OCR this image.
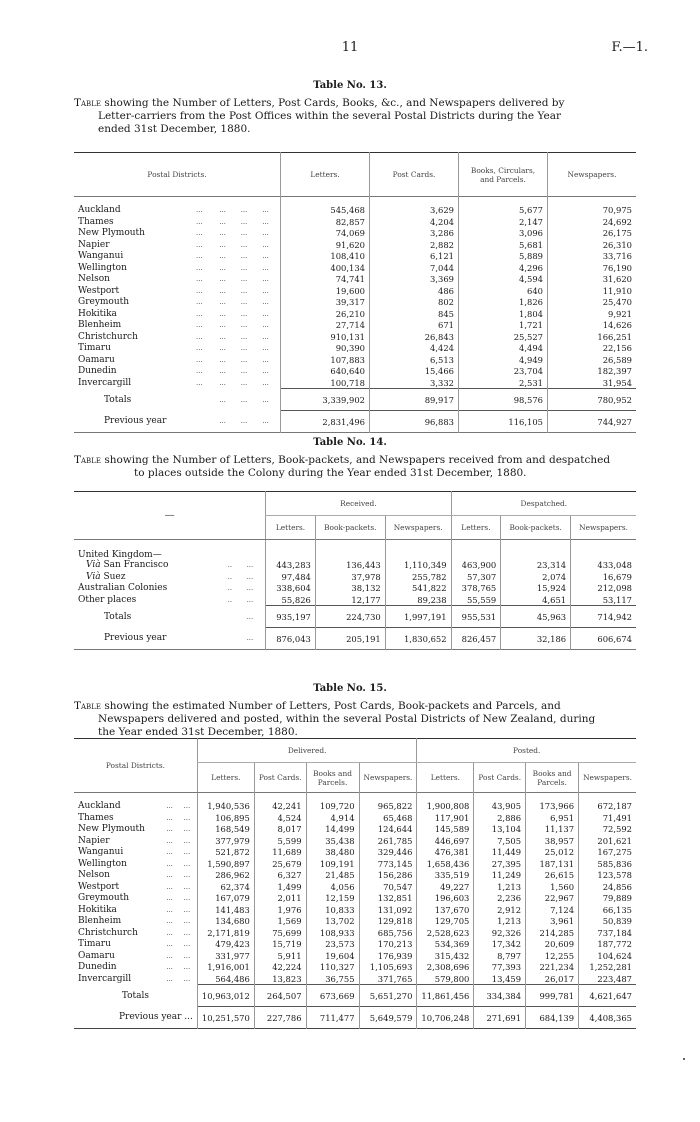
11	F.—1.
Table No. 13.
Table showing the Number of Letters, Post Cards, Books, &c., and Newspapers delivered by
Letter-carriers from the Post Offices within the several Postal Districts during the Year
ended 31st December, 1880.
Postal Districts.					Letters.	Post Cards.	Books, Circulars, and Parcels.	Newspapers.

Auckland	...	...	...	...	545,468	3,629	5,677	70,975
Thames	...	...	...	...	82,857	4,204	2,147	24,692
New Plymouth	...	...	...	...	74,069	3,286	3,096	26,175
Napier	...	...	...	...	91,620	2,882	5,681	26,310
Wanganui	...	...	...	...	108,410	6,121	5,889	33,716
Wellington	...	...	...	...	400,134	7,044	4,296	76,190
Nelson	...	...	...	...	74,741	3,369	4,594	31,620
Westport	...	...	...	...	19,600	486	640	11,910
Greymouth	...	...	...	...	39,317	802	1,826	25,470
Hokitika	...	...	...	...	26,210	845	1,804	9,921
Blenheim	...	...	...	...	27,714	671	1,721	14,626
Christchurch	...	...	...	...	910,131	26,843	25,527	166,251
Timaru	...	...	...	...	90,390	4,424	4,494	22,156
Oamaru	...	...	...	...	107,883	6,513	4,949	26,589
Dunedin	...	...	...	...	640,640	15,466	23,704	182,397
Invercargill	...	...	...	...	100,718	3,332	2,531	31,954
Totals		...	...	...	3,339,902	89,917	98,576	780,952
Previous year		...	...	...	2,831,496	96,883	116,105	744,927
Table No. 14.
Table showing the Number of Letters, Book-packets, and Newspapers received from and despatched
to places outside the Colony during the Year ended 31st December, 1880.
—			Received.			Despatched.		
			Letters.	Book-packets.	Newspapers.	Letters.	Book-packets.	Newspapers.
United Kingdom—								
Vià San Francisco	..	...	443,283	136,443	1,110,349	463,900	23,314	433,048
Vià Suez	..	...	97,484	37,978	255,782	57,307	2,074	16,679
Australian Colonies	..	...	338,604	38,132	541,822	378,765	15,924	212,098
Other places	..	...	55,826	12,177	89,238	55,559	4,651	53,117
Totals		...	935,197	224,730	1,997,191	955,531	45,963	714,942
Previous year		...	876,043	205,191	1,830,652	826,457	32,186	606,674
Table No. 15.
Table showing the estimated Number of Letters, Post Cards, Book-packets and Parcels, and
Newspapers delivered and posted, within the several Postal Districts of New Zealand, during
the Year ended 31st December, 1880.
Postal Districts.			Delivered.				Posted.			
			Letters.	Post Cards.	Books and Parcels.	Newspapers.	Letters.	Post Cards.	Books and Parcels.	Newspapers.

Auckland	...	...	1,940,536	42,241	109,720	965,822	1,900,808	43,905	173,966	672,187
Thames	...	...	106,895	4,524	4,914	65,468	117,901	2,886	6,951	71,491
New Plymouth	...	...	168,549	8,017	14,499	124,644	145,589	13,104	11,137	72,592
Napier	...	...	377,979	5,599	35,438	261,785	446,697	7,505	38,957	201,621
Wanganui	...	...	521,872	11,689	38,480	329,446	476,381	11,449	25,012	167,275
Wellington	...	...	1,590,897	25,679	109,191	773,145	1,658,436	27,395	187,131	585,836
Nelson	...	...	286,962	6,327	21,485	156,286	335,519	11,249	26,615	123,578
Westport	...	...	62,374	1,499	4,056	70,547	49,227	1,213	1,560	24,856
Greymouth	...	...	167,079	2,011	12,159	132,851	196,603	2,236	22,967	79,889
Hokitika	...	...	141,483	1,976	10,833	131,092	137,670	2,912	7,124	66,135
Blenheim	...	...	134,680	1,569	13,702	129,818	129,705	1,213	3,961	50,839
Christchurch	...	...	2,171,819	75,699	108,933	685,756	2,528,623	92,326	214,285	737,184
Timaru	...	...	479,423	15,719	23,573	170,213	534,369	17,342	20,609	187,772
Oamaru	...	...	331,977	5,911	19,604	176,939	315,432	8,797	12,255	104,624
Dunedin	...	...	1,916,001	42,224	110,327	1,105,693	2,308,696	77,393	221,234	1,252,281
Invercargill	...	...	564,486	13,823	36,755	371,765	579,800	13,459	26,017	223,487
Totals			10,963,012	264,507	673,669	5,651,270	11,861,456	334,384	999,781	4,621,647
Previous year ...			10,251,570	227,786	711,477	5,649,579	10,706,248	271,691	684,139	4,408,365
